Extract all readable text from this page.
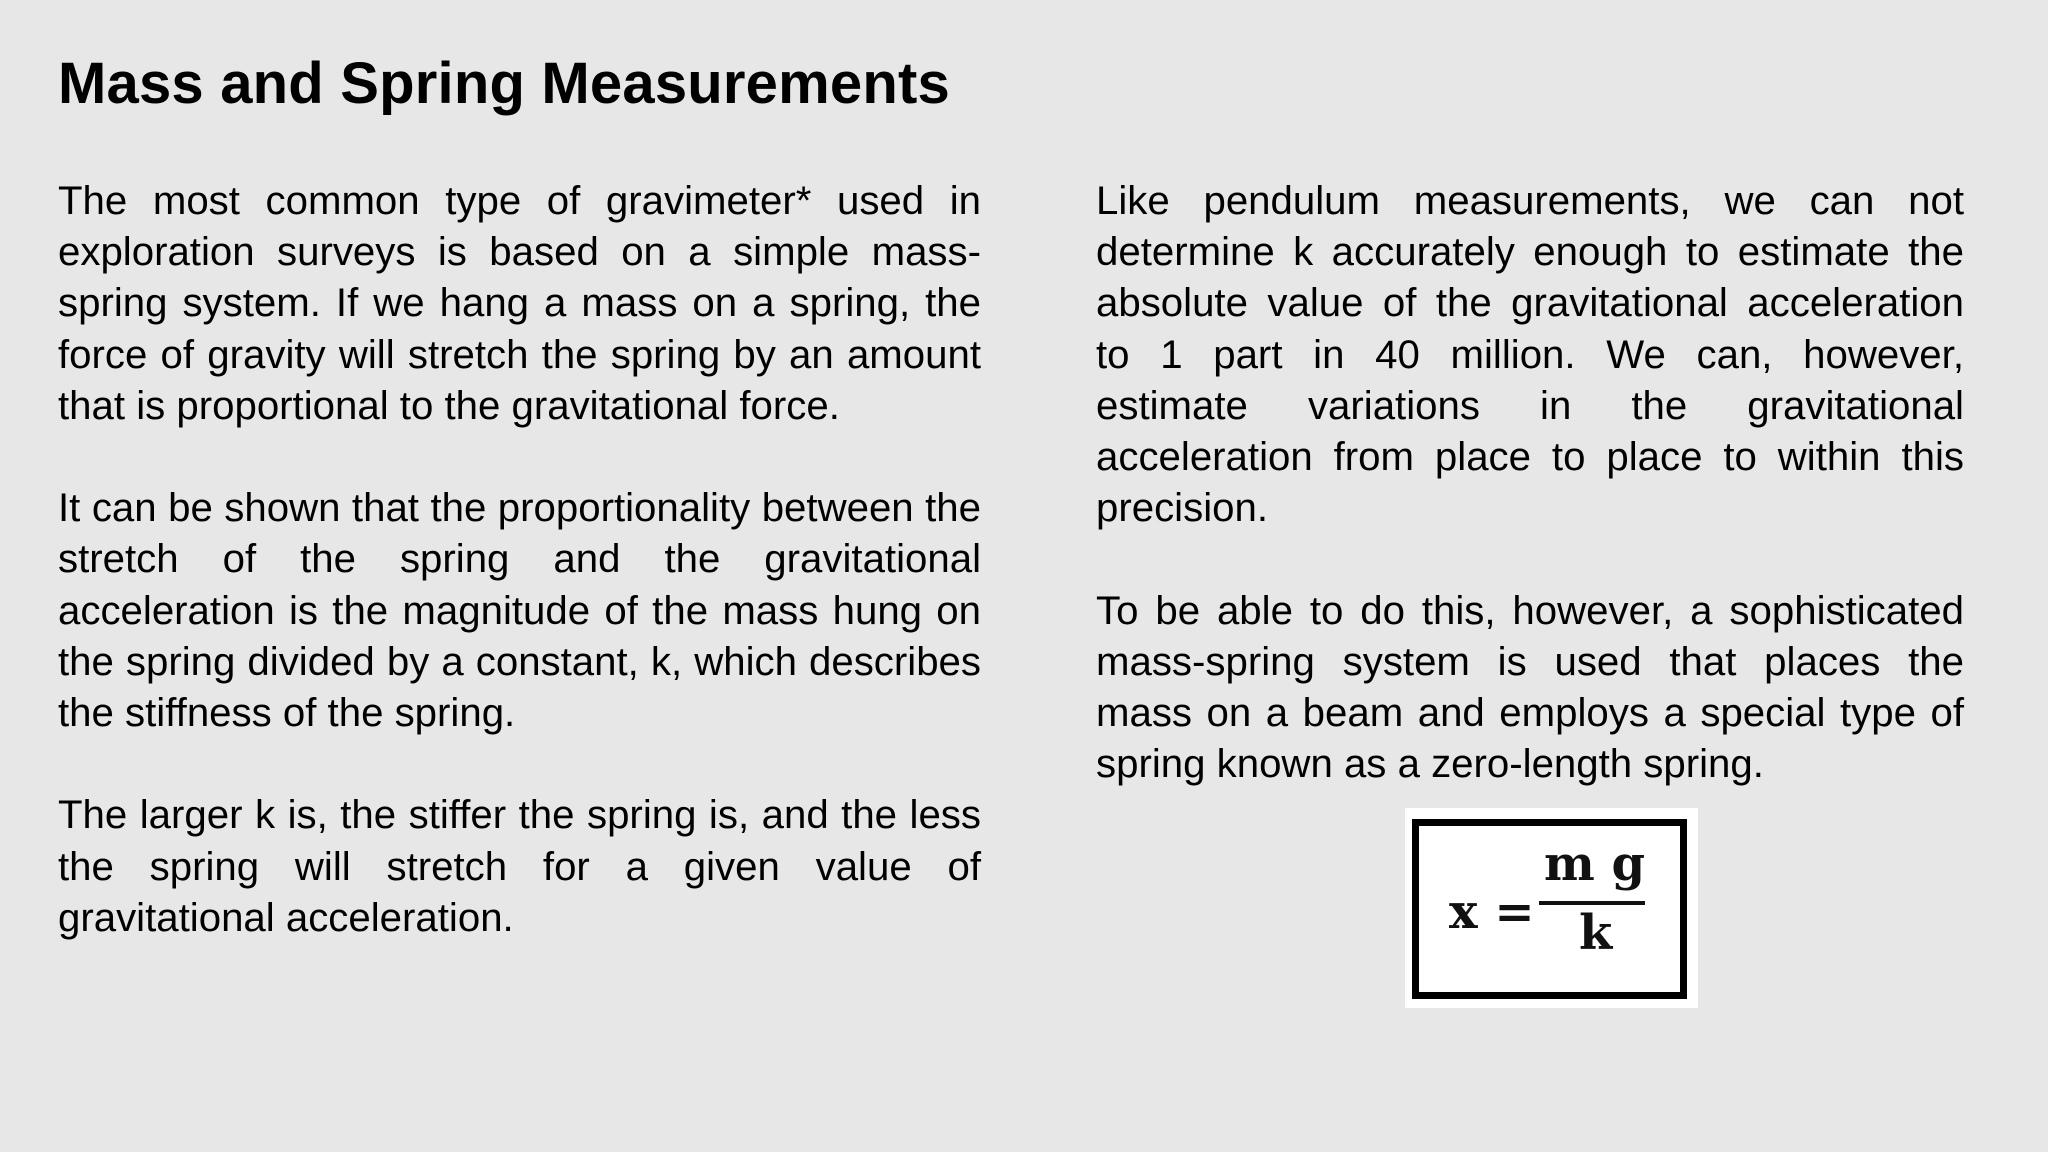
Mass and Spring Measurements

The most common type of gravimeter* used in exploration surveys is based on a simple mass-spring system. If we hang a mass on a spring, the force of gravity will stretch the spring by an amount that is proportional to the gravitational force.

It can be shown that the proportionality between the stretch of the spring and the gravitational acceleration is the magnitude of the mass hung on the spring divided by a constant, k, which describes the stiffness of the spring.

The larger k is, the stiffer the spring is, and the less the spring will stretch for a given value of gravitational acceleration.

Like pendulum measurements, we can not determine k accurately enough to estimate the absolute value of the gravitational acceleration to 1 part in 40 million. We can, however, estimate variations in the gravitational acceleration from place to place to within this precision.

To be able to do this, however, a sophisticated mass-spring system is used that places the mass on a beam and employs a special type of spring known as a zero-length spring.

x =
m g
k
